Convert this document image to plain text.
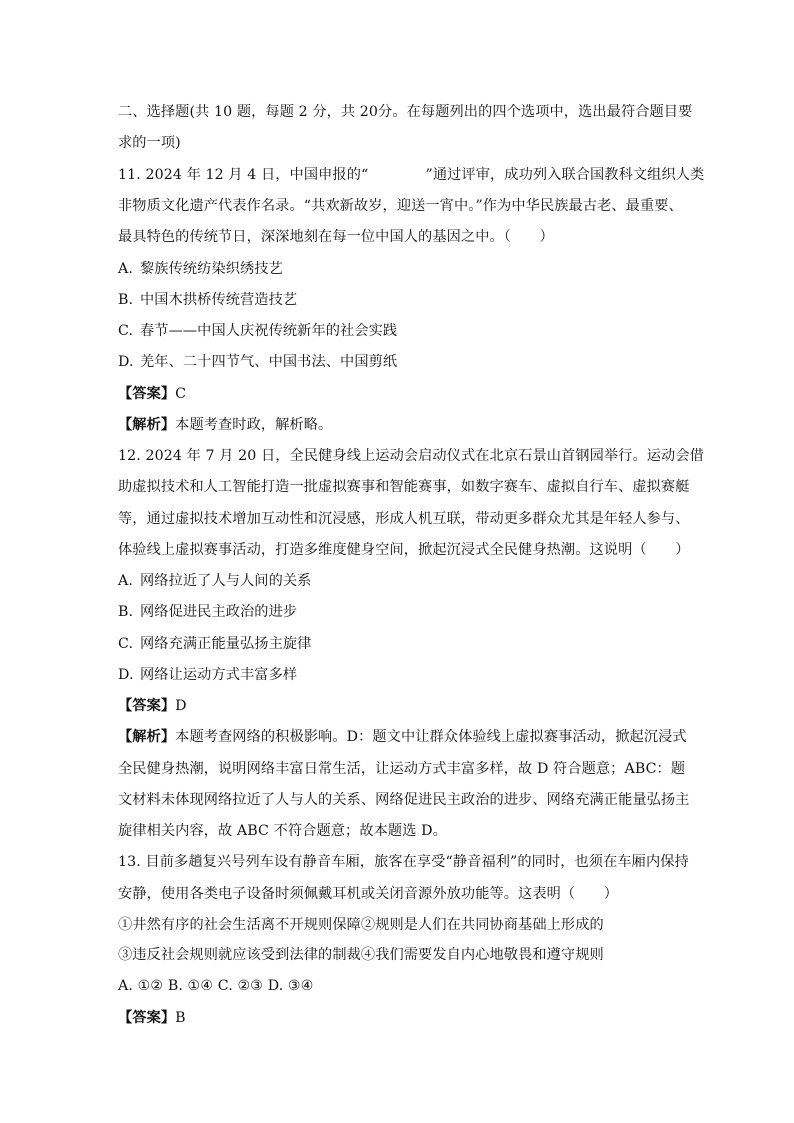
二、选择题(共 10 题，每题 2 分，共 20分。在每题列出的四个选项中，选出最符合题目要
求的一项)
11. 2024 年 12 月 4 日，中国申报的“　　　　”通过评审，成功列入联合国教科文组织人类
非物质文化遗产代表作名录。“共欢新故岁，迎送一宵中。”作为中华民族最古老、最重要、
最具特色的传统节日，深深地刻在每一位中国人的基因之中。（　　）
A. 黎族传统纺染织绣技艺
B. 中国木拱桥传统营造技艺
C. 春节——中国人庆祝传统新年的社会实践
D. 羌年、二十四节气、中国书法、中国剪纸
【答案】C
【解析】本题考查时政，解析略。
12. 2024 年 7 月 20 日，全民健身线上运动会启动仪式在北京石景山首钢园举行。运动会借
助虚拟技术和人工智能打造一批虚拟赛事和智能赛事，如数字赛车、虚拟自行车、虚拟赛艇
等，通过虚拟技术增加互动性和沉浸感，形成人机互联，带动更多群众尤其是年轻人参与、
体验线上虚拟赛事活动，打造多维度健身空间，掀起沉浸式全民健身热潮。这说明（　　）
A. 网络拉近了人与人间的关系
B. 网络促进民主政治的进步
C. 网络充满正能量弘扬主旋律
D. 网络让运动方式丰富多样
【答案】D
【解析】本题考查网络的积极影响。D：题文中让群众体验线上虚拟赛事活动，掀起沉浸式
全民健身热潮，说明网络丰富日常生活，让运动方式丰富多样，故 D 符合题意；ABC：题
文材料未体现网络拉近了人与人的关系、网络促进民主政治的进步、网络充满正能量弘扬主
旋律相关内容，故 ABC 不符合题意；故本题选 D。
13. 目前多趟复兴号列车设有静音车厢，旅客在享受“静音福利”的同时，也须在车厢内保持
安静，使用各类电子设备时须佩戴耳机或关闭音源外放功能等。这表明（　　）
①井然有序的社会生活离不开规则保障②规则是人们在共同协商基础上形成的
③违反社会规则就应该受到法律的制裁④我们需要发自内心地敬畏和遵守规则
A. ①② B. ①④ C. ②③ D. ③④
【答案】B
